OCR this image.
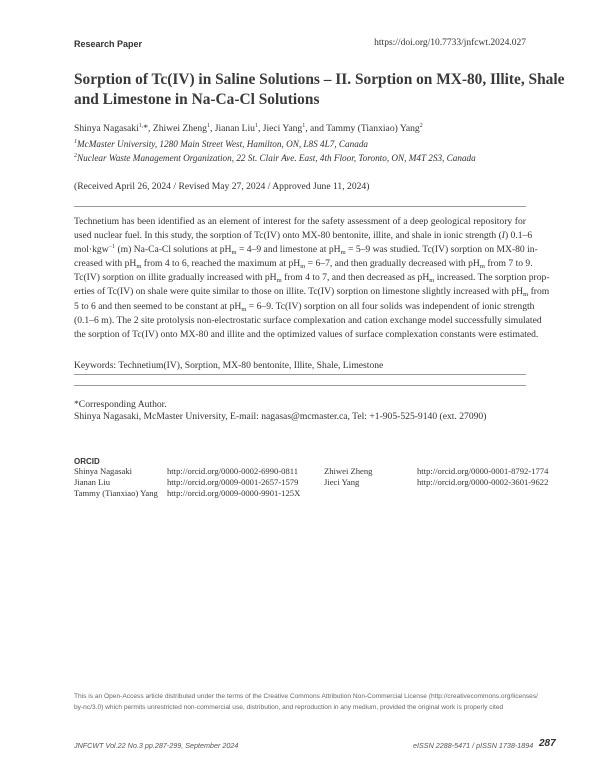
Research Paper	https://doi.org/10.7733/jnfcwt.2024.027
Sorption of Tc(IV) in Saline Solutions – II. Sorption on MX-80, Illite, Shale
and Limestone in Na-Ca-Cl Solutions
Shinya Nagasaki$^{1,}$*, Zhiwei Zheng$^1$, Jianan Liu$^1$, Jieci Yang$^1$, and Tammy (Tianxiao) Yang$^2$
$^1$McMaster University, 1280 Main Street West, Hamilton, ON, L8S 4L7, Canada
$^2$Nuclear Waste Management Organization, 22 St. Clair Ave. East, 4th Floor, Toronto, ON, M4T 2S3, Canada
(Received April 26, 2024 / Revised May 27, 2024 / Approved June 11, 2024)
Technetium has been identified as an element of interest for the safety assessment of a deep geological repository for
used nuclear fuel. In this study, the sorption of Tc(IV) onto MX-80 bentonite, illite, and shale in ionic strength (I) 0.1–6
mol·kgw$^{-1}$ (m) Na-Ca-Cl solutions at $pH_m = 4-9$ and limestone at $pH_m = 5-9$ was studied. Tc(IV) sorption on MX-80 in-
creased with $pH_m$ from 4 to 6, reached the maximum at $pH_m = 6-7$, and then gradually decreased with $pH_m$ from 7 to 9.
Tc(IV) sorption on illite gradually increased with $pH_m$ from 4 to 7, and then decreased as $pH_m$ increased. The sorption prop-
erties of Tc(IV) on shale were quite similar to those on illite. Tc(IV) sorption on limestone slightly increased with $pH_m$ from
5 to 6 and then seemed to be constant at $pH_m = 6-9$. Tc(IV) sorption on all four solids was independent of ionic strength
(0.1–6 m). The 2 site protolysis non-electrostatic surface complexation and cation exchange model successfully simulated
the sorption of Tc(IV) onto MX-80 and illite and the optimized values of surface complexation constants were estimated.
Keywords: Technetium(IV), Sorption, MX-80 bentonite, Illite, Shale, Limestone
*Corresponding Author.
Shinya Nagasaki, McMaster University, E-mail: nagasas@mcmaster.ca, Tel: +1-905-525-9140 (ext. 27090)
ORCID
Shinya Nagasaki	http://orcid.org/0000-0002-6990-0811	Zhiwei Zheng	http://orcid.org/0000-0001-8792-1774
Jianan Liu	http://orcid.org/0009-0001-2657-1579	Jieci Yang	http://orcid.org/0000-0002-3601-9622
Tammy (Tianxiao) Yang http://orcid.org/0009-0000-9901-125X
This is an Open-Access article distributed under the terms of the Creative Commons Attribution Non-Commercial License (http://creativecommons.org/licenses/
by-nc/3.0) which permits unrestricted non-commercial use, distribution, and reproduction in any medium, provided the original work is properly cited
JNFCWT Vol.22 No.3 pp.287-299, September 2024	eISSN 2288-5471 / pISSN 1738-1894 287
